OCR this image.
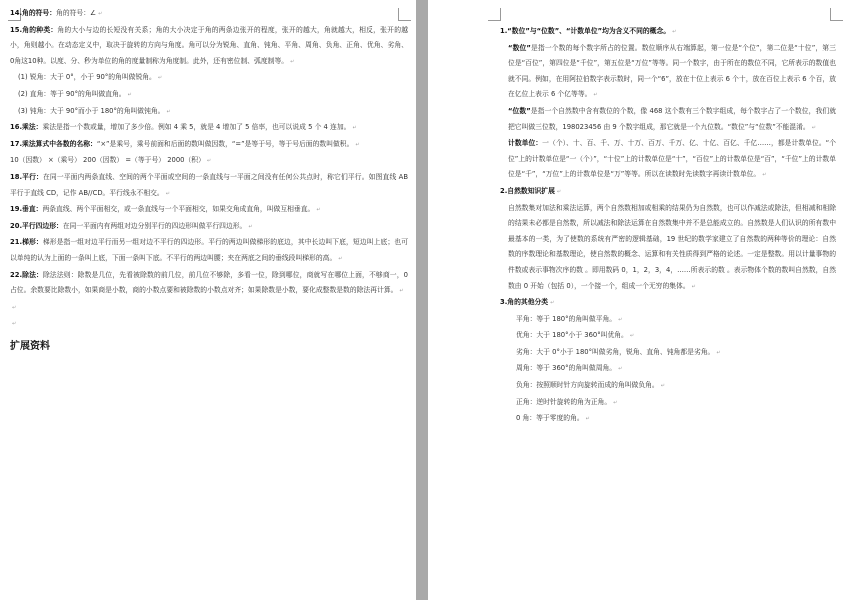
14.角的符号：角的符号：∠ ↵

15.角的种类：角的大小与边的长短没有关系；角的大小决定于角的两条边张开的程度，张开的越大，角就越大，相反，张开的越小，角则越小。在动态定义中，取决于旋转的方向与角度。角可以分为锐角、直角、钝角、平角、周角、负角、正角、优角、劣角、0角这10种。以度、分、秒为单位的角的度量制称为角度制。此外，还有密位制、弧度制等。 ↵

(1) 锐角：大于 0°，小于 90°的角叫做锐角。 ↵

(2) 直角：等于 90°的角叫做直角。 ↵

(3) 钝角：大于 90°而小于 180°的角叫做钝角。 ↵

16.乘法：乘法是指一个数或量，增加了多少倍。例如 4 乘 5，就是 4 增加了 5 倍率，也可以说成 5 个 4 连加。 ↵

17.乘法算式中各数的名称：“×”是乘号，乘号前面和后面的数叫做因数，“=”是等于号，等于号后面的数叫做积。 ↵

10（因数） ×（乘号） 200（因数） =（等于号） 2000（积） ↵

18.平行：在同一平面内两条直线、空间的两个平面或空间的一条直线与一平面之间没有任何公共点时，称它们平行。如图直线 AB 平行于直线 CD，记作 AB//CD。平行线永不相交。 ↵

19.垂直：两条直线、两个平面相交，或一条直线与一个平面相交，如果交角成直角，叫做互相垂直。 ↵

20.平行四边形：在同一平面内有两组对边分别平行的四边形叫做平行四边形。 ↵

21.梯形：梯形是指一组对边平行而另一组对边不平行的四边形。平行的两边叫做梯形的底边，其中长边叫下底，短边叫上底；也可以单纯的认为上面的一条叫上底，下面一条叫下底。不平行的两边叫腰；夹在两底之间的垂线段叫梯形的高。 ↵

22.除法：除法法则：除数是几位，先看被除数的前几位，前几位不够除，多看一位，除到哪位，商就写在哪位上面，不够商一，0 占位。余数要比除数小，如果商是小数，商的小数点要和被除数的小数点对齐；如果除数是小数，要化成整数是数的除法再计算。 ↵

↵

↵

扩展资料

1.“数位”与“位数”、“计数单位”均为含义不同的概念。 ↵

“数位”是指一个数的每个数字所占的位置。数位顺序从右端算起，第一位是“个位”，第二位是“十位”，第三位是“百位”，第四位是“千位”，第五位是“万位”等等。同一个数字，由于所在的数位不同，它所表示的数值也就不同。例如，在用阿拉伯数字表示数时，同一个“6”，放在十位上表示 6 个十，放在百位上表示 6 个百，放在亿位上表示 6 个亿等等。 ↵

“位数”是指一个自然数中含有数位的个数，像 468 这个数有三个数字组成，每个数字占了一个数位，我们就把它叫做三位数，198023456 由 9 个数字组成，那它就是一个九位数。“数位”与“位数”不能混淆。 ↵

计数单位：一（个）、十、百、千、万、十万、百万、千万、亿、十亿、百亿、千亿……，都是计数单位。“个位”上的计数单位是“一（个）”，“十位”上的计数单位是“十”，“百位”上的计数单位是“百”，“千位”上的计数单位是“千”，“万位”上的计数单位是“万”等等。所以在读数时先读数字再读计数单位。 ↵

2.自然数知识扩展 ↵

自然数集对加法和乘法运算，两个自然数相加或相乘的结果仍为自然数，也可以作减法或除法，但相减和相除的结果未必都是自然数，所以减法和除法运算在自然数集中并不是总能成立的。自然数是人们认识的所有数中最基本的一类，为了使数的系统有严密的逻辑基础，19 世纪的数学家建立了自然数的两种等价的理论：自然数的序数理论和基数理论，使自然数的概念、运算和有关性质得到严格的论述。一定是整数。用以计量事物的件数或表示事物次序的数 。即用数码 0，1，2，3，4，……所表示的数 。表示物体个数的数叫自然数，自然数由 0 开始（包括 0），一个接一个，组成一个无穷的集体。 ↵

3.角的其他分类 ↵

平角：等于 180°的角叫做平角。 ↵

优角：大于 180°小于 360°叫优角。 ↵

劣角：大于 0°小于 180°叫做劣角，锐角、直角、钝角都是劣角。 ↵

周角：等于 360°的角叫做周角。 ↵

负角：按照顺时针方向旋转而成的角叫做负角。 ↵

正角：逆时针旋转的角为正角。 ↵

0 角：等于零度的角。 ↵
